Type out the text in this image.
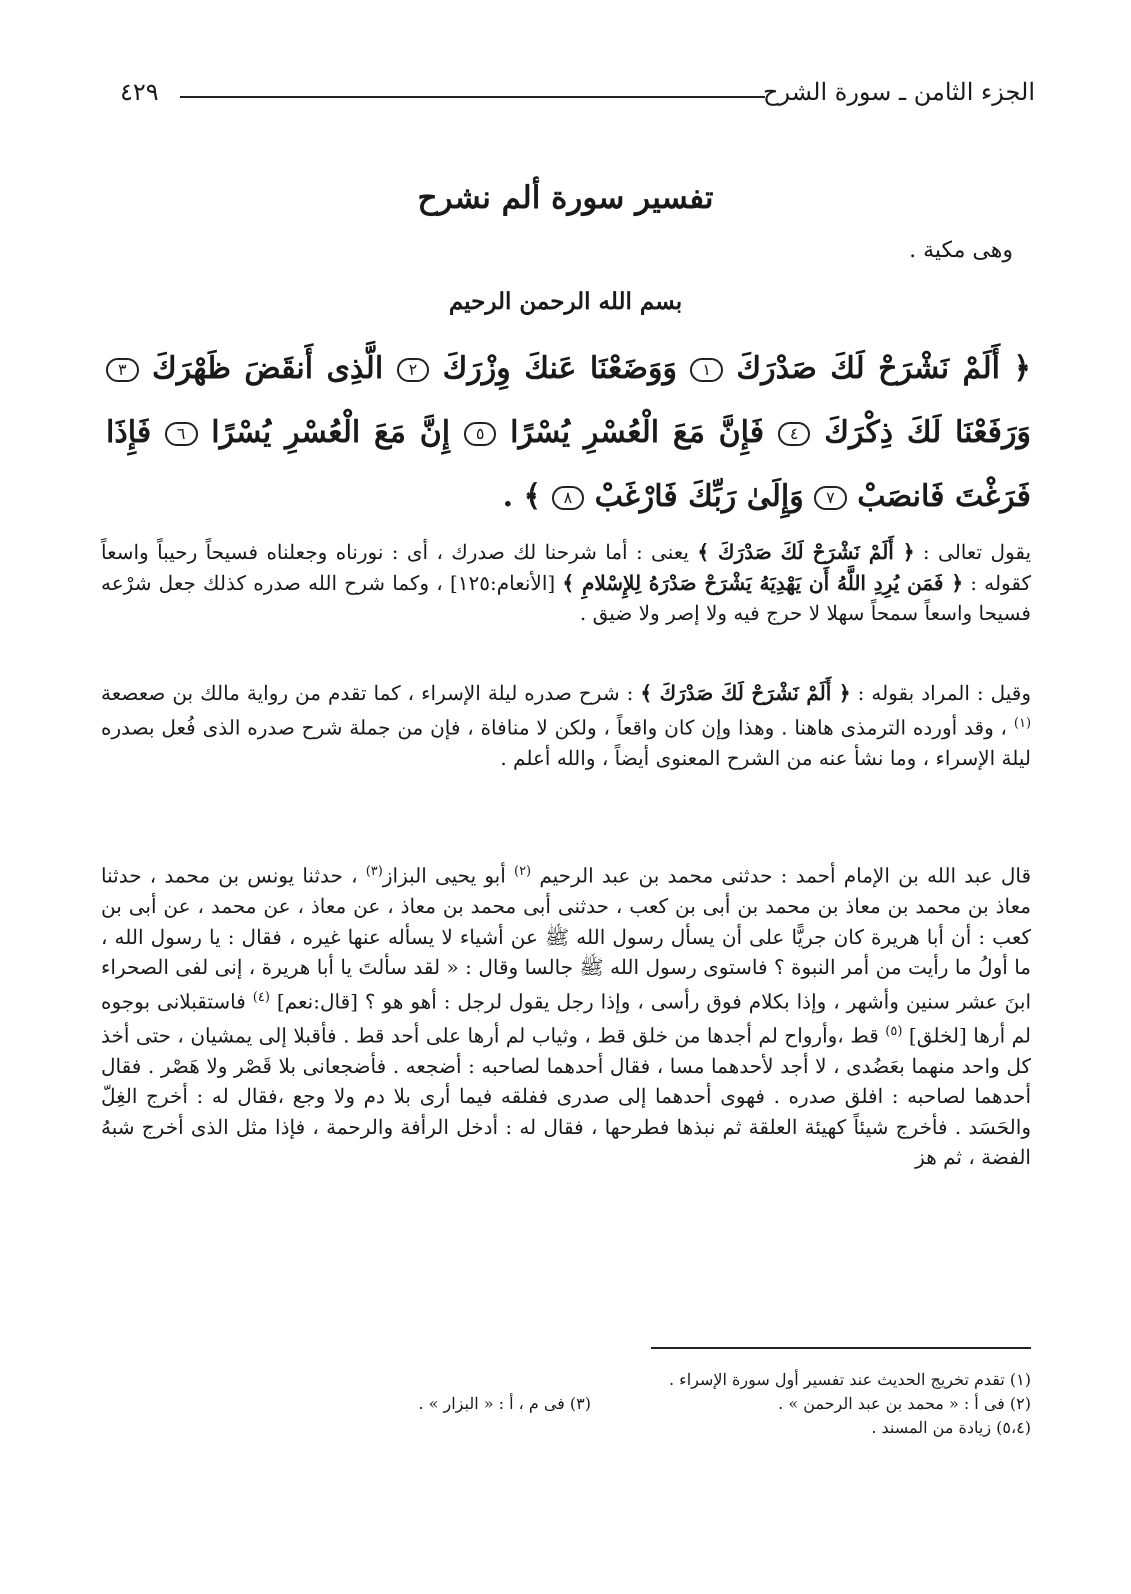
الجزء الثامن ـ سورة الشرح
٤٢٩
تفسير سورة ألم نشرح
وهى مكية .
بسم الله الرحمن الرحيم
﴿ أَلَمْ نَشْرَحْ لَكَ صَدْرَكَ ١ وَوَضَعْنَا عَنكَ وِزْرَكَ ٢ الَّذِى أَنقَضَ ظَهْرَكَ ٣ وَرَفَعْنَا لَكَ ذِكْرَكَ ٤ فَإِنَّ مَعَ الْعُسْرِ يُسْرًا ٥ إِنَّ مَعَ الْعُسْرِ يُسْرًا ٦ فَإِذَا فَرَغْتَ فَانصَبْ ٧ وَإِلَىٰ رَبِّكَ فَارْغَبْ ٨ ﴾ .
يقول تعالى : ﴿ أَلَمْ نَشْرَحْ لَكَ صَدْرَكَ ﴾ يعنى : أما شرحنا لك صدرك ، أى : نورناه وجعلناه فسيحاً رحيباً واسعاً كقوله : ﴿ فَمَن يُرِدِ اللَّهُ أَن يَهْدِيَهُ يَشْرَحْ صَدْرَهُ لِلإِسْلامِ ﴾ [الأنعام:١٢٥] ، وكما شرح الله صدره كذلك جعل شرْعه فسيحا واسعاً سمحاً سهلا لا حرج فيه ولا إصر ولا ضيق .
وقيل : المراد بقوله : ﴿ أَلَمْ نَشْرَحْ لَكَ صَدْرَكَ ﴾ : شرح صدره ليلة الإسراء ، كما تقدم من رواية مالك بن صعصعة $^{(١)}$ ، وقد أورده الترمذى هاهنا . وهذا وإن كان واقعاً ، ولكن لا منافاة ، فإن من جملة شرح صدره الذى فُعل بصدره ليلة الإسراء ، وما نشأ عنه من الشرح المعنوى أيضاً ، والله أعلم .
قال عبد الله بن الإمام أحمد : حدثنى محمد بن عبد الرحيم $^{(٢)}$ أبو يحيى البزاز$^{(٣)}$ ، حدثنا يونس بن محمد ، حدثنا معاذ بن محمد بن معاذ بن محمد بن أبى بن كعب ، حدثنى أبى محمد بن معاذ ، عن معاذ ، عن محمد ، عن أبى بن كعب : أن أبا هريرة كان جريًّا على أن يسأل رسول الله ﷺ عن أشياء لا يسأله عنها غيره ، فقال : يا رسول الله ، ما أولُ ما رأيت من أمر النبوة ؟ فاستوى رسول الله ﷺ جالسا وقال : « لقد سألتَ يا أبا هريرة ، إنى لفى الصحراء ابنَ عشر سنين وأشهر ، وإذا بكلام فوق رأسى ، وإذا رجل يقول لرجل : أهو هو ؟ [قال:نعم] $^{(٤)}$ فاستقبلانى بوجوه لم أرها [لخلق] $^{(٥)}$ قط ،وأرواح لم أجدها من خلق قط ، وثياب لم أرها على أحد قط . فأقبلا إلى يمشيان ، حتى أخذ كل واحد منهما بعَضُدى ، لا أجد لأحدهما مسا ، فقال أحدهما لصاحبه : أضجعه . فأضجعانى بلا قَصْر ولا هَصْر . فقال أحدهما لصاحبه : افلق صدره . فهوى أحدهما إلى صدرى ففلقه فيما أرى بلا دم ولا وجع ،فقال له : أخرج الغِلّ والحَسَد . فأخرج شيئاً كهيئة العلقة ثم نبذها فطرحها ، فقال له : أدخل الرأفة والرحمة ، فإذا مثل الذى أخرج شبهُ الفضة ، ثم هز
(١) تقدم تخريج الحديث عند تفسير أول سورة الإسراء .
(٢) فى أ : « محمد بن عبد الرحمن » .
(٣) فى م ، أ : « البزار » .
(٥،٤) زيادة من المسند .
